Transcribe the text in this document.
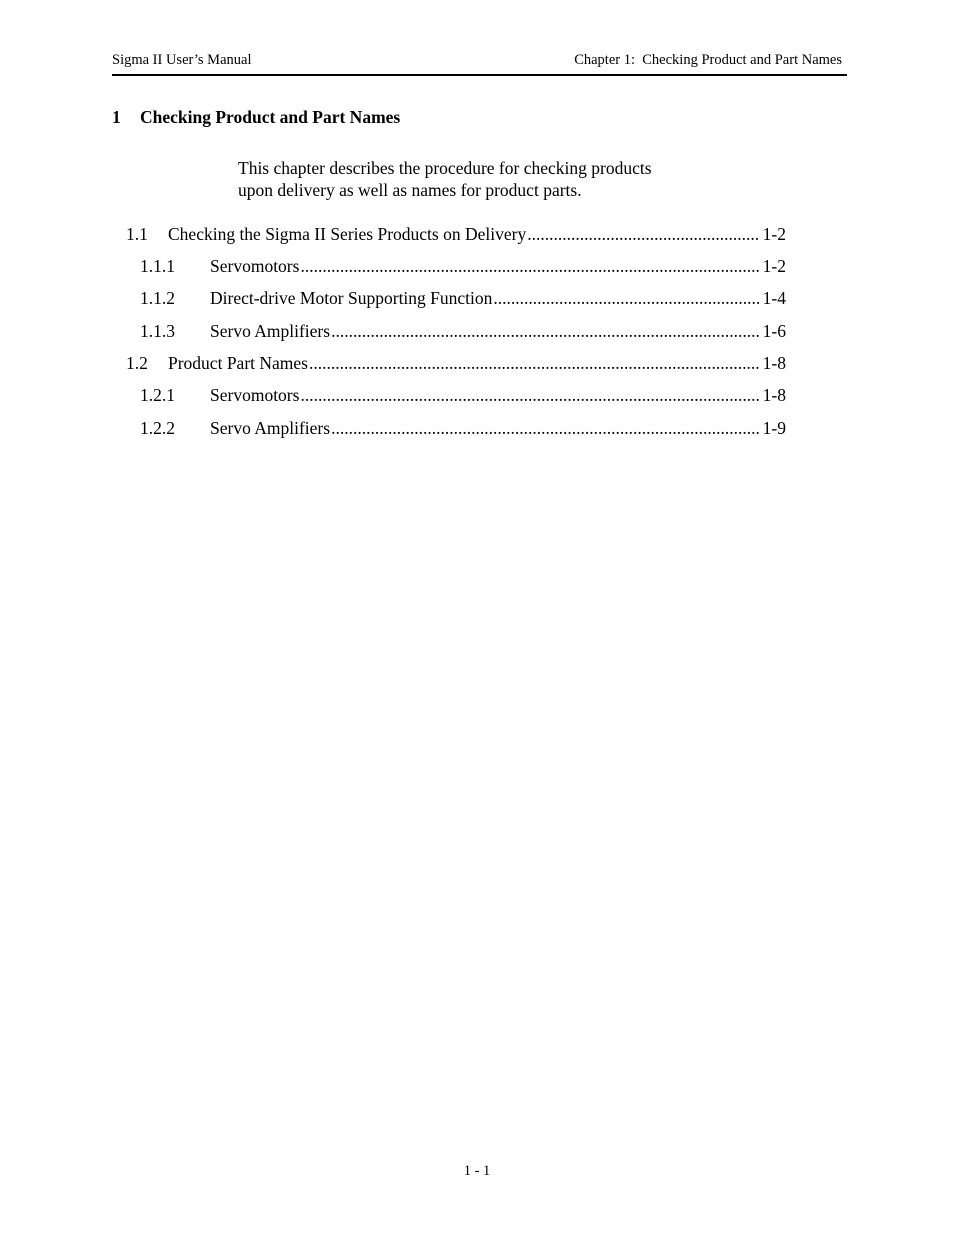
Sigma II User’s Manual	Chapter 1:  Checking Product and Part Names
1 Checking Product and Part Names
This chapter describes the procedure for checking products
upon delivery as well as names for product parts.
1.1	Checking the Sigma II Series Products on Delivery .....	1-2
1.1.1	Servomotors .....	1-2
1.1.2	Direct-drive Motor Supporting Function .....	1-4
1.1.3	Servo Amplifiers .....	1-6
1.2	Product Part Names .....	1-8
1.2.1	Servomotors .....	1-8
1.2.2	Servo Amplifiers .....	1-9
1 - 1
